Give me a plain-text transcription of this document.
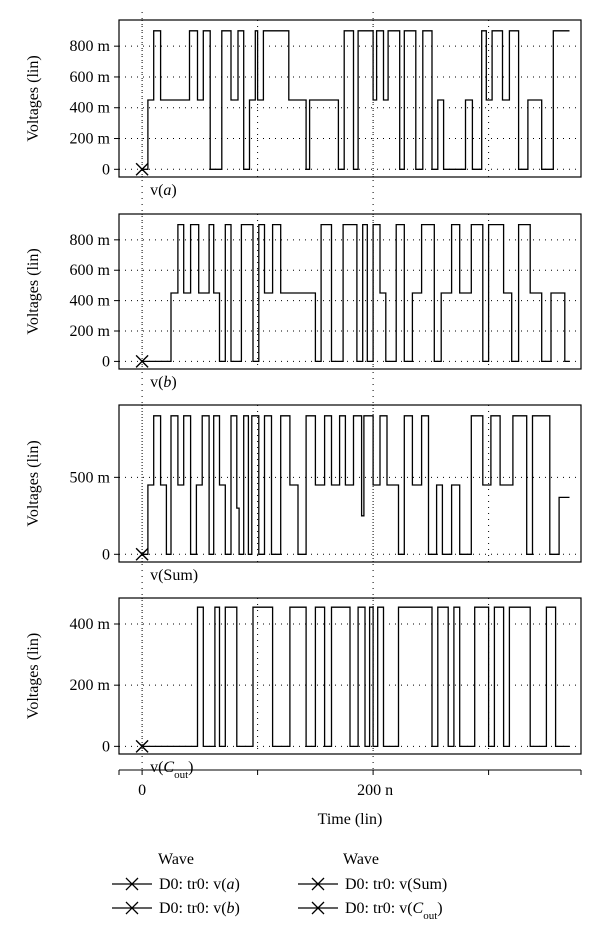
0
200 m
400 m
600 m
800 m
Voltages (lin)
v(a)
0
200 m
400 m
600 m
800 m
Voltages (lin)
v(b)
0
500 m
Voltages (lin)
v(Sum)
0
200 m
400 m
Voltages (lin)
$v(C_{out})$
0	200 n
Time (lin)
Wave	Wave
D0: tr0: v(a)
D0: tr0: v(b)
D0: tr0: v(Sum)
D0: tr0: $v(C_{out})$
